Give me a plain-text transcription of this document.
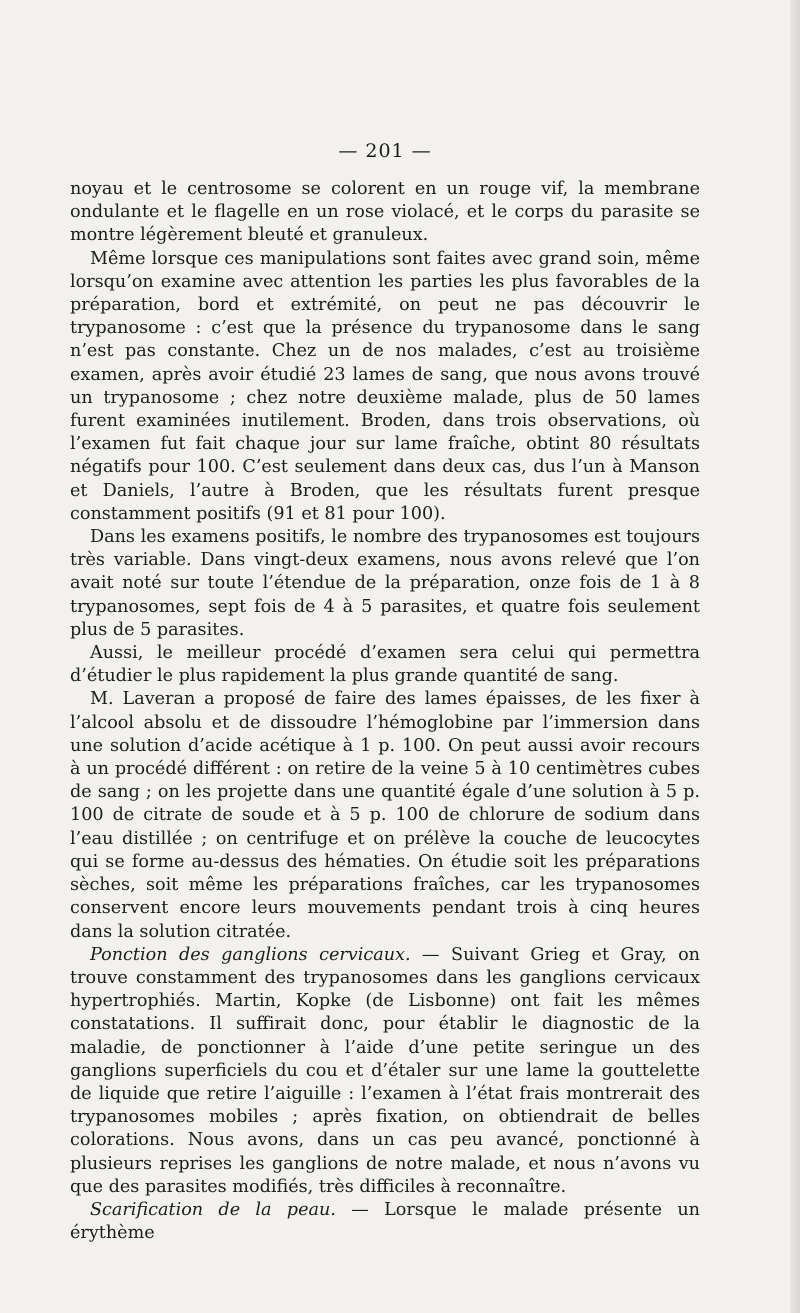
— 201 —

noyau et le centrosome se colorent en un rouge vif, la membrane ondulante et le flagelle en un rose violacé, et le corps du parasite se montre légèrement bleuté et granuleux.

Même lorsque ces manipulations sont faites avec grand soin, même lorsqu’on examine avec attention les parties les plus favorables de la préparation, bord et extrémité, on peut ne pas découvrir le trypanosome : c’est que la présence du trypanosome dans le sang n’est pas constante. Chez un de nos malades, c’est au troisième examen, après avoir étudié 23 lames de sang, que nous avons trouvé un trypanosome ; chez notre deuxième malade, plus de 50 lames furent examinées inutilement. Broden, dans trois observations, où l’examen fut fait chaque jour sur lame fraîche, obtint 80 résultats négatifs pour 100. C’est seulement dans deux cas, dus l’un à Manson et Daniels, l’autre à Broden, que les résultats furent presque constamment positifs (91 et 81 pour 100).

Dans les examens positifs, le nombre des trypanosomes est toujours très variable. Dans vingt-deux examens, nous avons relevé que l’on avait noté sur toute l’étendue de la préparation, onze fois de 1 à 8 trypanosomes, sept fois de 4 à 5 parasites, et quatre fois seulement plus de 5 parasites.

Aussi, le meilleur procédé d’examen sera celui qui permettra d’étudier le plus rapidement la plus grande quantité de sang.

M. Laveran a proposé de faire des lames épaisses, de les fixer à l’alcool absolu et de dissoudre l’hémoglobine par l’immersion dans une solution d’acide acétique à 1 p. 100. On peut aussi avoir recours à un procédé différent : on retire de la veine 5 à 10 centimètres cubes de sang ; on les projette dans une quantité égale d’une solution à 5 p. 100 de citrate de soude et à 5 p. 100 de chlorure de sodium dans l’eau distillée ; on centrifuge et on prélève la couche de leucocytes qui se forme au-dessus des hématies. On étudie soit les préparations sèches, soit même les préparations fraîches, car les trypanosomes conservent encore leurs mouvements pendant trois à cinq heures dans la solution citratée.

Ponction des ganglions cervicaux. — Suivant Grieg et Gray, on trouve constamment des trypanosomes dans les ganglions cervicaux hypertrophiés. Martin, Kopke (de Lisbonne) ont fait les mêmes constatations. Il suffirait donc, pour établir le diagnostic de la maladie, de ponctionner à l’aide d’une petite seringue un des ganglions superficiels du cou et d’étaler sur une lame la gouttelette de liquide que retire l’aiguille : l’examen à l’état frais montrerait des trypanosomes mobiles ; après fixation, on obtiendrait de belles colorations. Nous avons, dans un cas peu avancé, ponctionné à plusieurs reprises les ganglions de notre malade, et nous n’avons vu que des parasites modifiés, très difficiles à reconnaître.

Scarification de la peau. — Lorsque le malade présente un érythème
